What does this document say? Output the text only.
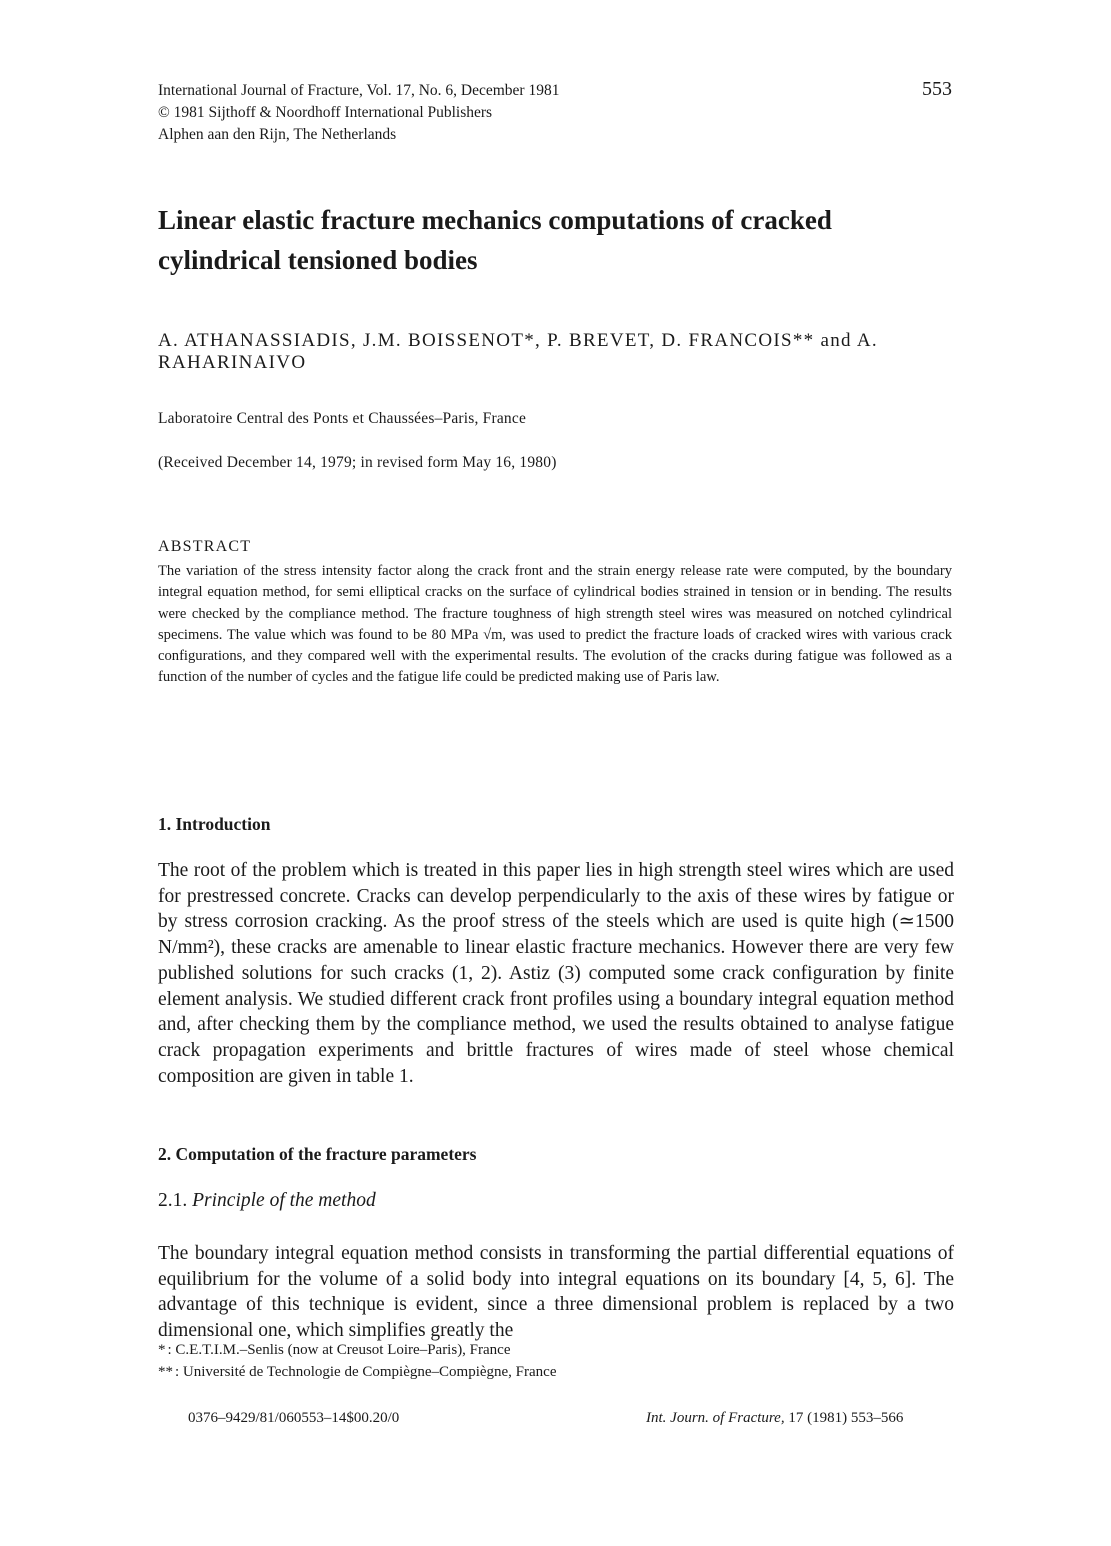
International Journal of Fracture, Vol. 17, No. 6, December 1981
© 1981 Sijthoff & Noordhoff International Publishers
Alphen aan den Rijn, The Netherlands
553
Linear elastic fracture mechanics computations of cracked cylindrical tensioned bodies
A. ATHANASSIADIS, J.M. BOISSENOT*, P. BREVET, D. FRANCOIS** and A. RAHARINAIVO
Laboratoire Central des Ponts et Chaussées–Paris, France
(Received December 14, 1979; in revised form May 16, 1980)
ABSTRACT
The variation of the stress intensity factor along the crack front and the strain energy release rate were computed, by the boundary integral equation method, for semi elliptical cracks on the surface of cylindrical bodies strained in tension or in bending. The results were checked by the compliance method. The fracture toughness of high strength steel wires was measured on notched cylindrical specimens. The value which was found to be 80 MPa √m, was used to predict the fracture loads of cracked wires with various crack configurations, and they compared well with the experimental results. The evolution of the cracks during fatigue was followed as a function of the number of cycles and the fatigue life could be predicted making use of Paris law.
1. Introduction
The root of the problem which is treated in this paper lies in high strength steel wires which are used for prestressed concrete. Cracks can develop perpendicularly to the axis of these wires by fatigue or by stress corrosion cracking. As the proof stress of the steels which are used is quite high (≃1500 N/mm²), these cracks are amenable to linear elastic fracture mechanics. However there are very few published solutions for such cracks (1, 2). Astiz (3) computed some crack configuration by finite element analysis. We studied different crack front profiles using a boundary integral equation method and, after checking them by the compliance method, we used the results obtained to analyse fatigue crack propagation experiments and brittle fractures of wires made of steel whose chemical composition are given in table 1.
2. Computation of the fracture parameters
2.1. Principle of the method
The boundary integral equation method consists in transforming the partial differential equations of equilibrium for the volume of a solid body into integral equations on its boundary [4, 5, 6]. The advantage of this technique is evident, since a three dimensional problem is replaced by a two dimensional one, which simplifies greatly the
* : C.E.T.I.M.–Senlis (now at Creusot Loire–Paris), France
** : Université de Technologie de Compiègne–Compiègne, France
0376–9429/81/060553–14$00.20/0	Int. Journ. of Fracture, 17 (1981) 553–566
